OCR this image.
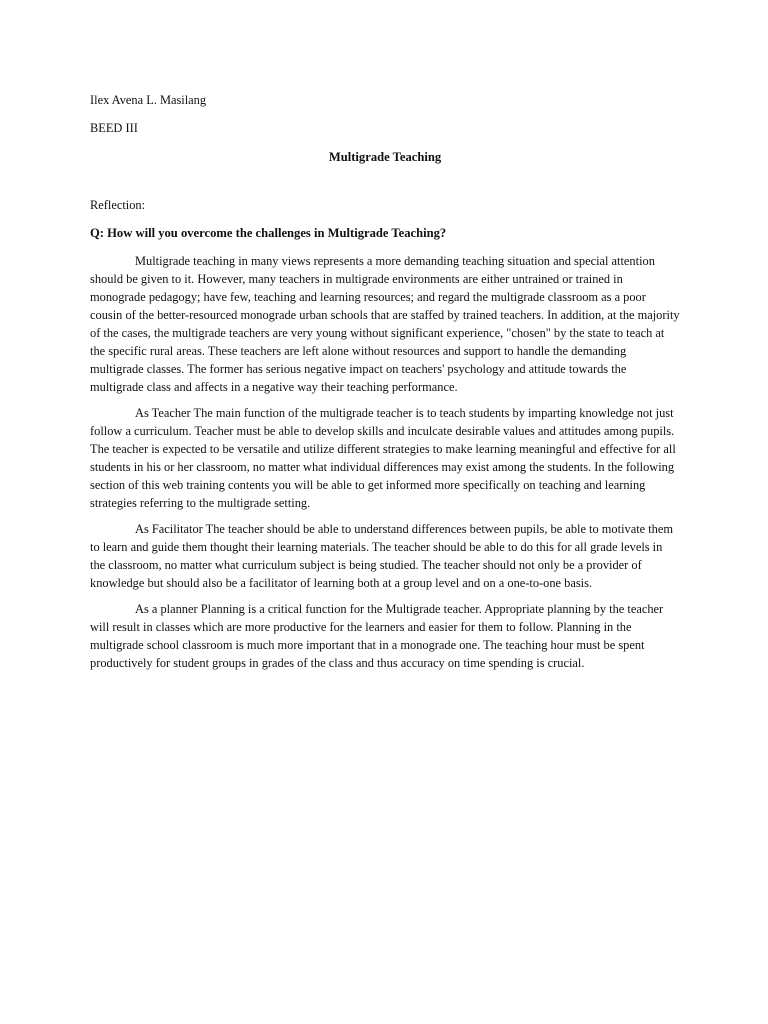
Ilex Avena L. Masilang

BEED III

Multigrade Teaching

Reflection:

Q: How will you overcome the challenges in Multigrade Teaching?

Multigrade teaching in many views represents a more demanding teaching situation and special attention should be given to it. However, many teachers in multigrade environments are either untrained or trained in monograde pedagogy; have few, teaching and learning resources; and regard the multigrade classroom as a poor cousin of the better-resourced monograde urban schools that are staffed by trained teachers. In addition, at the majority of the cases, the multigrade teachers are very young without significant experience, "chosen" by the state to teach at the specific rural areas. These teachers are left alone without resources and support to handle the demanding multigrade classes. The former has serious negative impact on teachers' psychology and attitude towards the multigrade class and affects in a negative way their teaching performance.

As Teacher The main function of the multigrade teacher is to teach students by imparting knowledge not just follow a curriculum. Teacher must be able to develop skills and inculcate desirable values and attitudes among pupils. The teacher is expected to be versatile and utilize different strategies to make learning meaningful and effective for all students in his or her classroom, no matter what individual differences may exist among the students. In the following section of this web training contents you will be able to get informed more specifically on teaching and learning strategies referring to the multigrade setting.

As Facilitator The teacher should be able to understand differences between pupils, be able to motivate them to learn and guide them thought their learning materials. The teacher should be able to do this for all grade levels in the classroom, no matter what curriculum subject is being studied. The teacher should not only be a provider of knowledge but should also be a facilitator of learning both at a group level and on a one-to-one basis.

As a planner Planning is a critical function for the Multigrade teacher. Appropriate planning by the teacher will result in classes which are more productive for the learners and easier for them to follow. Planning in the multigrade school classroom is much more important that in a monograde one. The teaching hour must be spent productively for student groups in grades of the class and thus accuracy on time spending is crucial.
